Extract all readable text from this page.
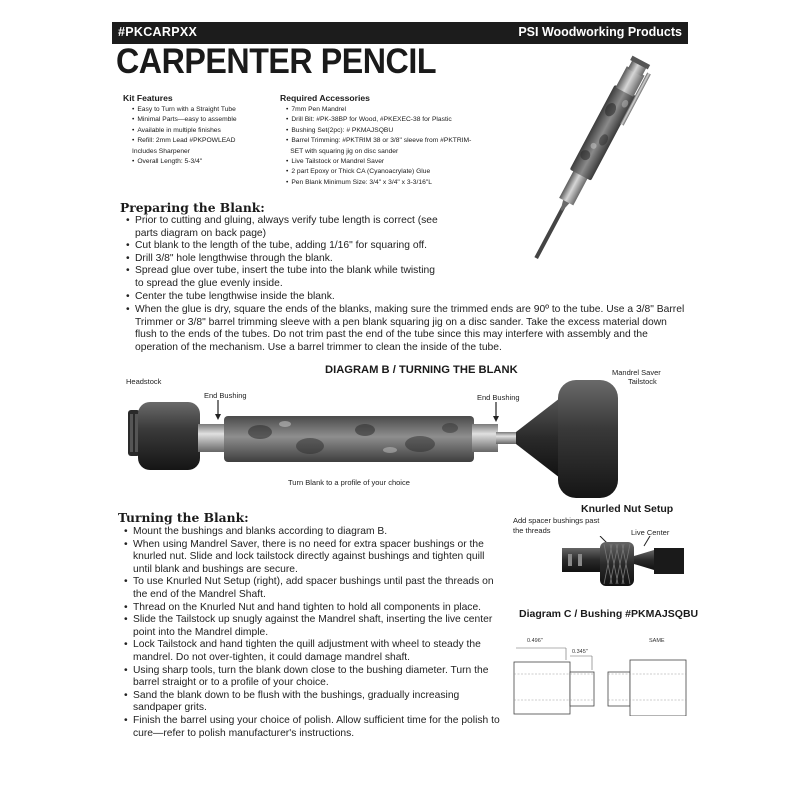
#PKCARPXX	PSI Woodworking Products
CARPENTER PENCIL
Kit Features
• Easy to Turn with a Straight Tube
• Minimal Parts—easy to assemble
• Available in multiple finishes
• Refill: 2mm Lead #PKPOWLEAD
Includes Sharpener
• Overall Length: 5-3/4"
Required Accessories
• 7mm Pen Mandrel
• Drill Bit: #PK-38BP for Wood, #PKEXEC-38 for Plastic
• Bushing Set(2pc): # PKMAJSQBU
• Barrel Trimming: #PKTRIM 38 or 3/8" sleeve from #PKTRIM-
SET with squaring jig on disc sander
• Live Tailstock or Mandrel Saver
• 2 part Epoxy or Thick CA (Cyanoacrylate) Glue
• Pen Blank Minimum Size: 3/4" x 3/4" x 3-3/16"L
Preparing the Blank:
• Prior to cutting and gluing, always verify tube length is correct (see parts diagram on back page)
• Cut blank to the length of the tube, adding 1/16" for squaring off.
• Drill 3/8" hole lengthwise through the blank.
• Spread glue over tube, insert the tube into the blank while twisting to spread the glue evenly inside.
• Center the tube lengthwise inside the blank.
• When the glue is dry, square the ends of the blanks, making sure the trimmed ends are 90º to the tube. Use a 3/8" Barrel Trimmer or 3/8" barrel trimming sleeve with a pen blank squaring jig on a disc sander. Take the excess material down flush to the ends of the tubes. Do not trim past the end of the tube since this may interfere with assembly and the operation of the mechanism. Use a barrel trimmer to clean the inside of the tube.
DIAGRAM B / TURNING THE BLANK
Headstock
End Bushing	End Bushing
Mandrel Saver
Tailstock
Turn Blank to a profile of your choice
Turning the Blank:
• Mount the bushings and blanks according to diagram B.
• When using Mandrel Saver, there is no need for extra spacer bushings or the knurled nut. Slide and lock tailstock directly against bushings and tighten quill until blank and bushings are secure.
• To use Knurled Nut Setup (right), add spacer bushings until past the threads on the end of the Mandrel Shaft.
• Thread on the Knurled Nut and hand tighten to hold all components in place.
• Slide the Tailstock up snugly against the Mandrel shaft, inserting the live center point into the Mandrel dimple.
• Lock Tailstock and hand tighten the quill adjustment with wheel to steady the mandrel. Do not over-tighten, it could damage mandrel shaft.
• Using sharp tools, turn the blank down close to the bushing diameter. Turn the barrel straight or to a profile of your choice.
• Sand the blank down to be flush with the bushings, gradually increasing sandpaper grits.
• Finish the barrel using your choice of polish. Allow sufficient time for the polish to cure—refer to polish manufacturer's instructions.
Knurled Nut Setup
Add spacer bushings past
the threads	Live Center
Diagram C / Bushing #PKMAJSQBU
0.496"
0.345"
SAME
